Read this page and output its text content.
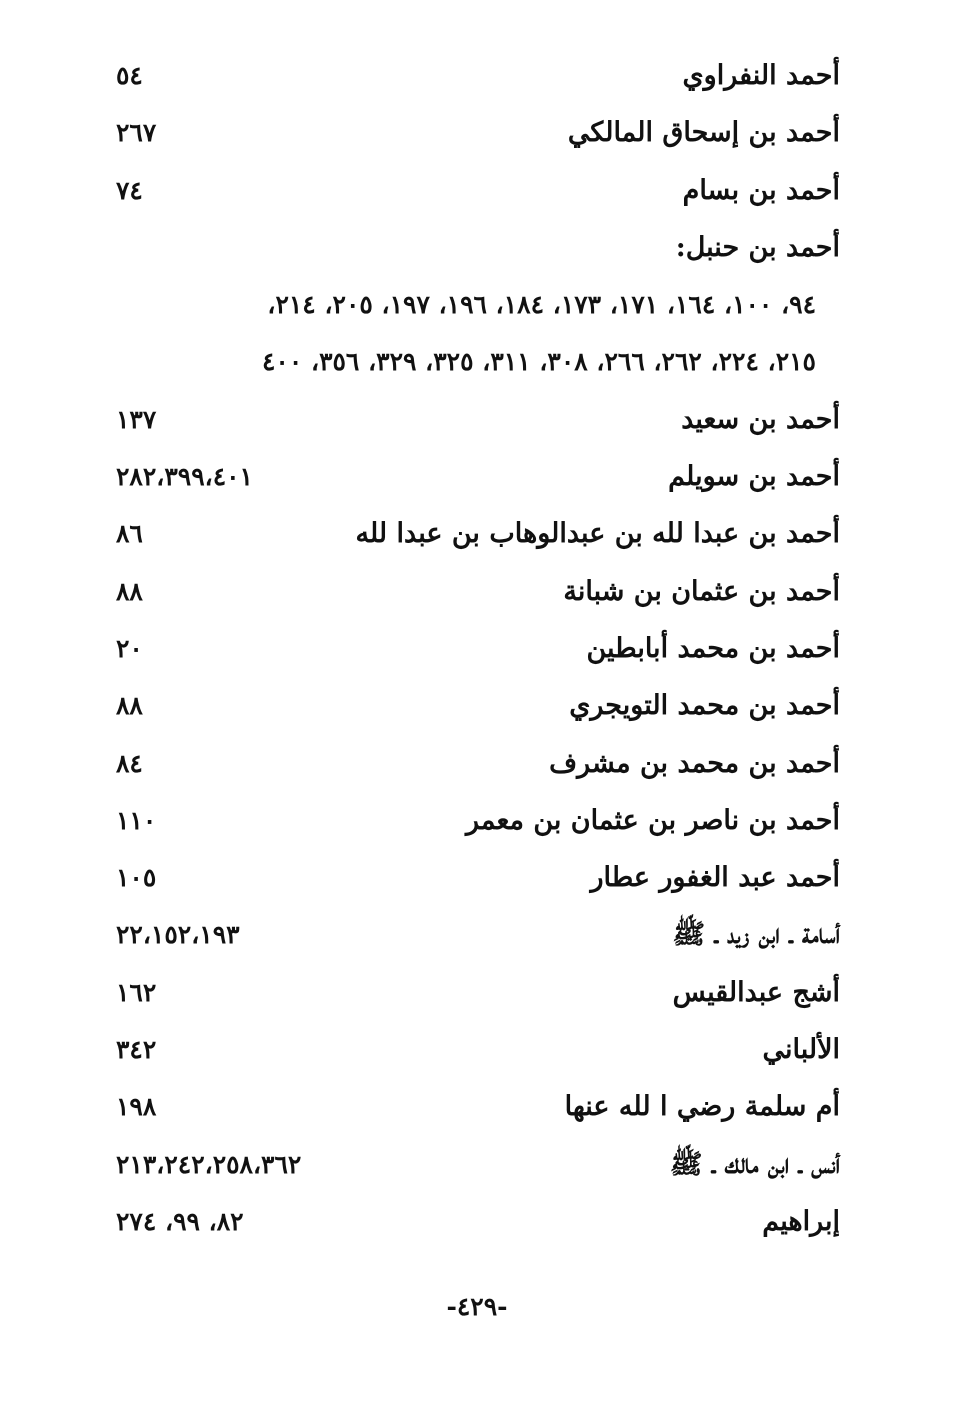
أحمد النفراوي
٥٤
أحمد بن إسحاق المالكي
٢٦٧
أحمد بن بسام
٧٤
أحمد بن حنبل:
٩٤، ١٠٠، ١٦٤، ١٧١، ١٧٣، ١٨٤، ١٩٦، ١٩٧، ٢٠٥، ٢١٤،
٢١٥، ٢٢٤، ٢٦٢، ٢٦٦، ٣٠٨، ٣١١، ٣٢٥، ٣٢٩، ٣٥٦، ٤٠٠
أحمد بن سعيد
١٣٧
أحمد بن سويلم
٢٨٢،٣٩٩،٤٠١
أحمد بن عبدا لله بن عبدالوهاب بن عبدا لله
٨٦
أحمد بن عثمان بن شبانة
٨٨
أحمد بن محمد أبابطين
٢٠
أحمد بن محمد التويجري
٨٨
أحمد بن محمد بن مشرف
٨٤
أحمد بن ناصر بن عثمان بن معمر
١١٠
أحمد عبد الغفور عطار
١٠٥
أسامة ـ ابن زيد ـ ﷺ
٢٢،١٥٢،١٩٣
أشج عبدالقيس
١٦٢
الألباني
٣٤٢
أم سلمة رضي ا لله عنها
١٩٨
أنس ـ ابن مالك ـ ﷺ
٢١٣،٢٤٢،٢٥٨،٣٦٢
إبراهيم
٨٢، ٩٩، ٢٧٤
-٤٢٩-
